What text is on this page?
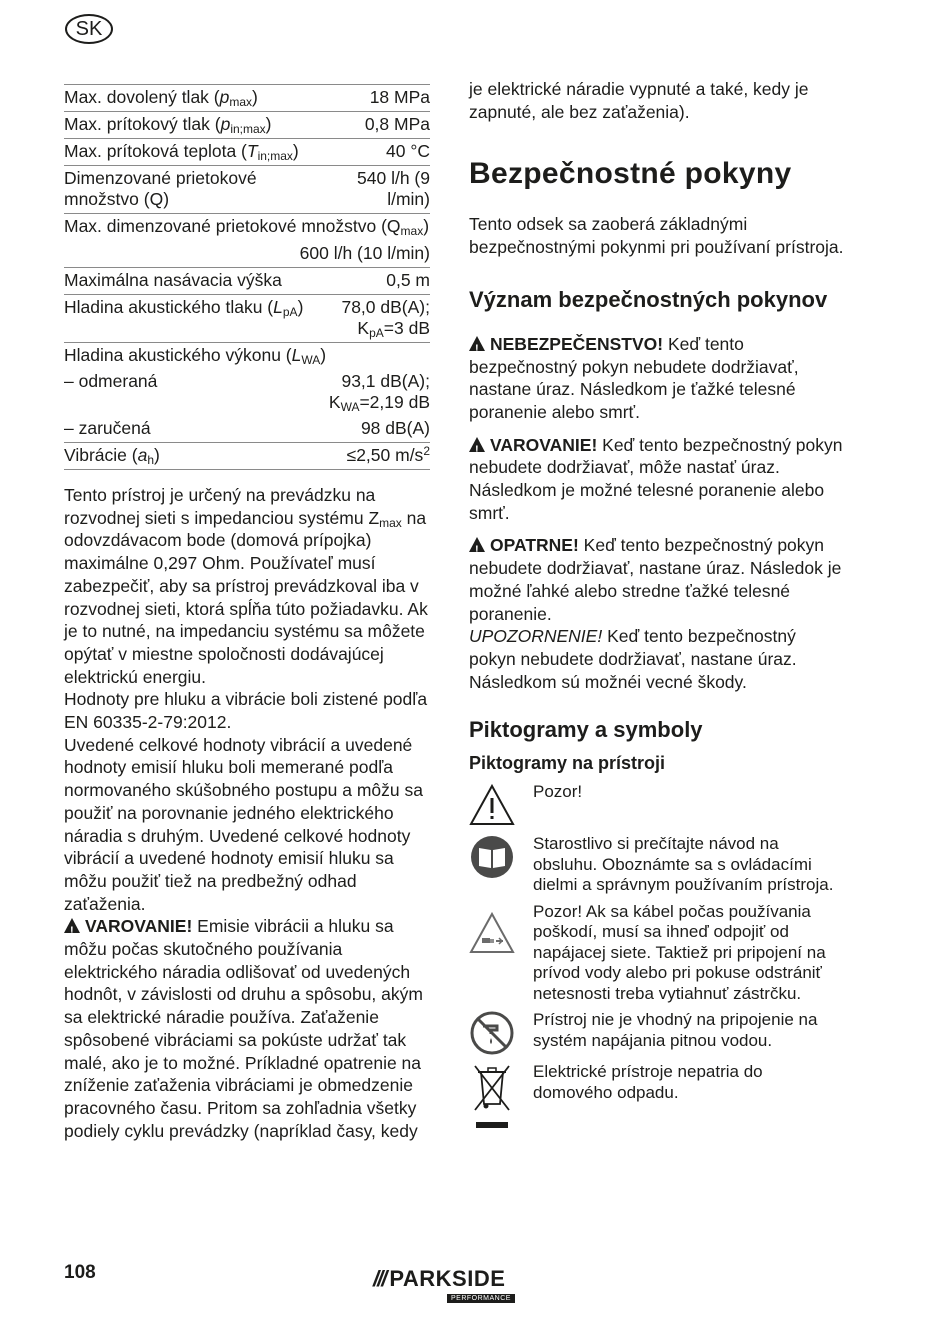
SK
Max. dovolený tlak $(p_{max})$	18 MPa
Max. prítokový tlak $(p_{in;max})$	0,8 MPa
Max. prítoková teplota $(T_{in;max})$	40 °C
Dimenzované prietokové množstvo (Q)	540 l/h (9 l/min)
Max. dimenzované prietokové množstvo $(Q_{max})$
600 l/h (10 l/min)	

Maximálna nasávacia výška	0,5 m
Hladina akustického tlaku $(L_{pA})$	78,0 dB(A);
$K_{pA}=3$ dB

Hladina akustického výkonu $(L_{WA})$	
– odmeraná	93,1 dB(A);
$K_{WA}=2,19$ dB

– zaručená	98 dB(A)
Vibrácie $(a_h)$	≤2,50 $m/s^2$
Tento prístroj je určený na prevádzku na rozvodnej sieti s impedanciou systému $Z_{max}$ na odovzdávacom bode (domová prípojka) maximálne 0,297 Ohm. Používateľ musí zabezpečiť, aby sa prístroj prevádzkoval iba v rozvodnej sieti, ktorá spĺňa túto požiadavku. Ak je to nutné, na impedanciu systému sa môžete opýtať v miestne spoločnosti dodávajúcej elektrickú energiu.
Hodnoty pre hluku a vibrácie boli zistené podľa EN 60335-2-79:2012.
Uvedené celkové hodnoty vibrácií a uvedené hodnoty emisií hluku boli memerané podľa normovaného skúšobného postupu a môžu sa použiť na porovnanie jedného elektrického náradia s druhým. Uvedené celkové hodnoty vibrácií a uvedené hodnoty emisií hluku sa môžu použiť tiež na predbežný odhad zaťaženia.
!VAROVANIE! Emisie vibrácii a hluku sa môžu počas skutočného používania elektrického náradia odlišovať od uvedených hodnôt, v závislosti od druhu a spôsobu, akým sa elektrické náradie používa. Zaťaženie spôsobené vibráciami sa pokúste udržať tak malé, ako je to možné. Príkladné opatrenie na zníženie zaťaženia vibráciami je obmedzenie pracovného času. Pritom sa zohľadnia všetky podiely cyklu prevádzky (napríklad časy, kedy
je elektrické náradie vypnuté a také, kedy je zapnuté, ale bez zaťaženia).
Bezpečnostné pokyny
Tento odsek sa zaoberá základnými bezpečnostnými pokynmi pri používaní prístroja.
Význam bezpečnostných pokynov
!NEBEZPEČENSTVO! Keď tento bezpečnostný pokyn nebudete dodržiavať, nastane úraz. Následkom je ťažké telesné poranenie alebo smrť.
!VAROVANIE! Keď tento bezpečnostný pokyn nebudete dodržiavať, môže nastať úraz. Následkom je možné telesné poranenie alebo smrť.
!OPATRNE! Keď tento bezpečnostný pokyn nebudete dodržiavať, nastane úraz. Následok je možné ľahké alebo stredne ťažké telesné poranenie.
UPOZORNENIE! Keď tento bezpečnostný pokyn nebudete dodržiavať, nastane úraz. Následkom sú možnéi vecné škody.
Piktogramy a symboly
Piktogramy na prístroji
Pozor!
Starostlivo si prečítajte návod na obsluhu. Oboznámte sa s ovládacími dielmi a správnym používaním prístroja.
Pozor! Ak sa kábel počas používania poškodí, musí sa ihneď odpojiť od napájacej siete. Taktiež pri pripojení na prívod vody alebo pri pokuse odstrániť netesnosti treba vytiahnuť zástrčku.
Prístroj nie je vhodný na pripojenie na systém napájania pitnou vodou.
Elektrické prístroje nepatria do domového odpadu.
108	/// PARKSIDE
PERFORMANCE
